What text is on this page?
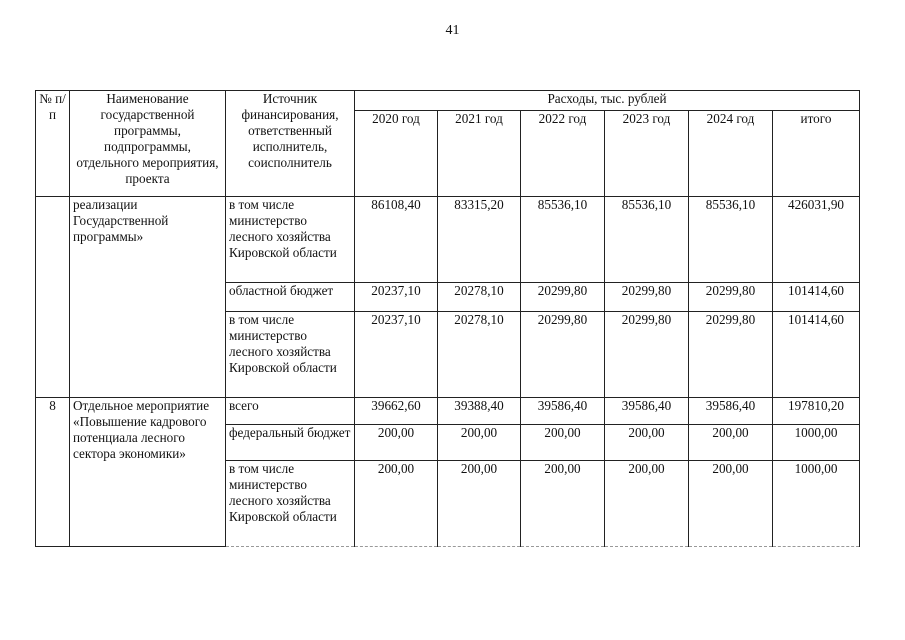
41
№ п/п	Наименование государственной программы, подпрограммы, отдельного мероприятия, проекта	Источник финансирования, ответственный исполнитель, соисполнитель	Расходы, тыс. рублей					
			2020 год	2021 год	2022 год	2023 год	2024 год	итого
	реализации Государственной программы»	в том числе министерство лесного хозяйства Кировской области	86108,40	83315,20	85536,10	85536,10	85536,10	426031,90
		областной бюджет	20237,10	20278,10	20299,80	20299,80	20299,80	101414,60
		в том числе министерство лесного хозяйства Кировской области	20237,10	20278,10	20299,80	20299,80	20299,80	101414,60
8	Отдельное мероприятие «Повышение кадрового потенциала лесного сектора экономики»	всего	39662,60	39388,40	39586,40	39586,40	39586,40	197810,20
		федеральный бюджет	200,00	200,00	200,00	200,00	200,00	1000,00
		в том числе министерство лесного хозяйства Кировской области	200,00	200,00	200,00	200,00	200,00	1000,00
